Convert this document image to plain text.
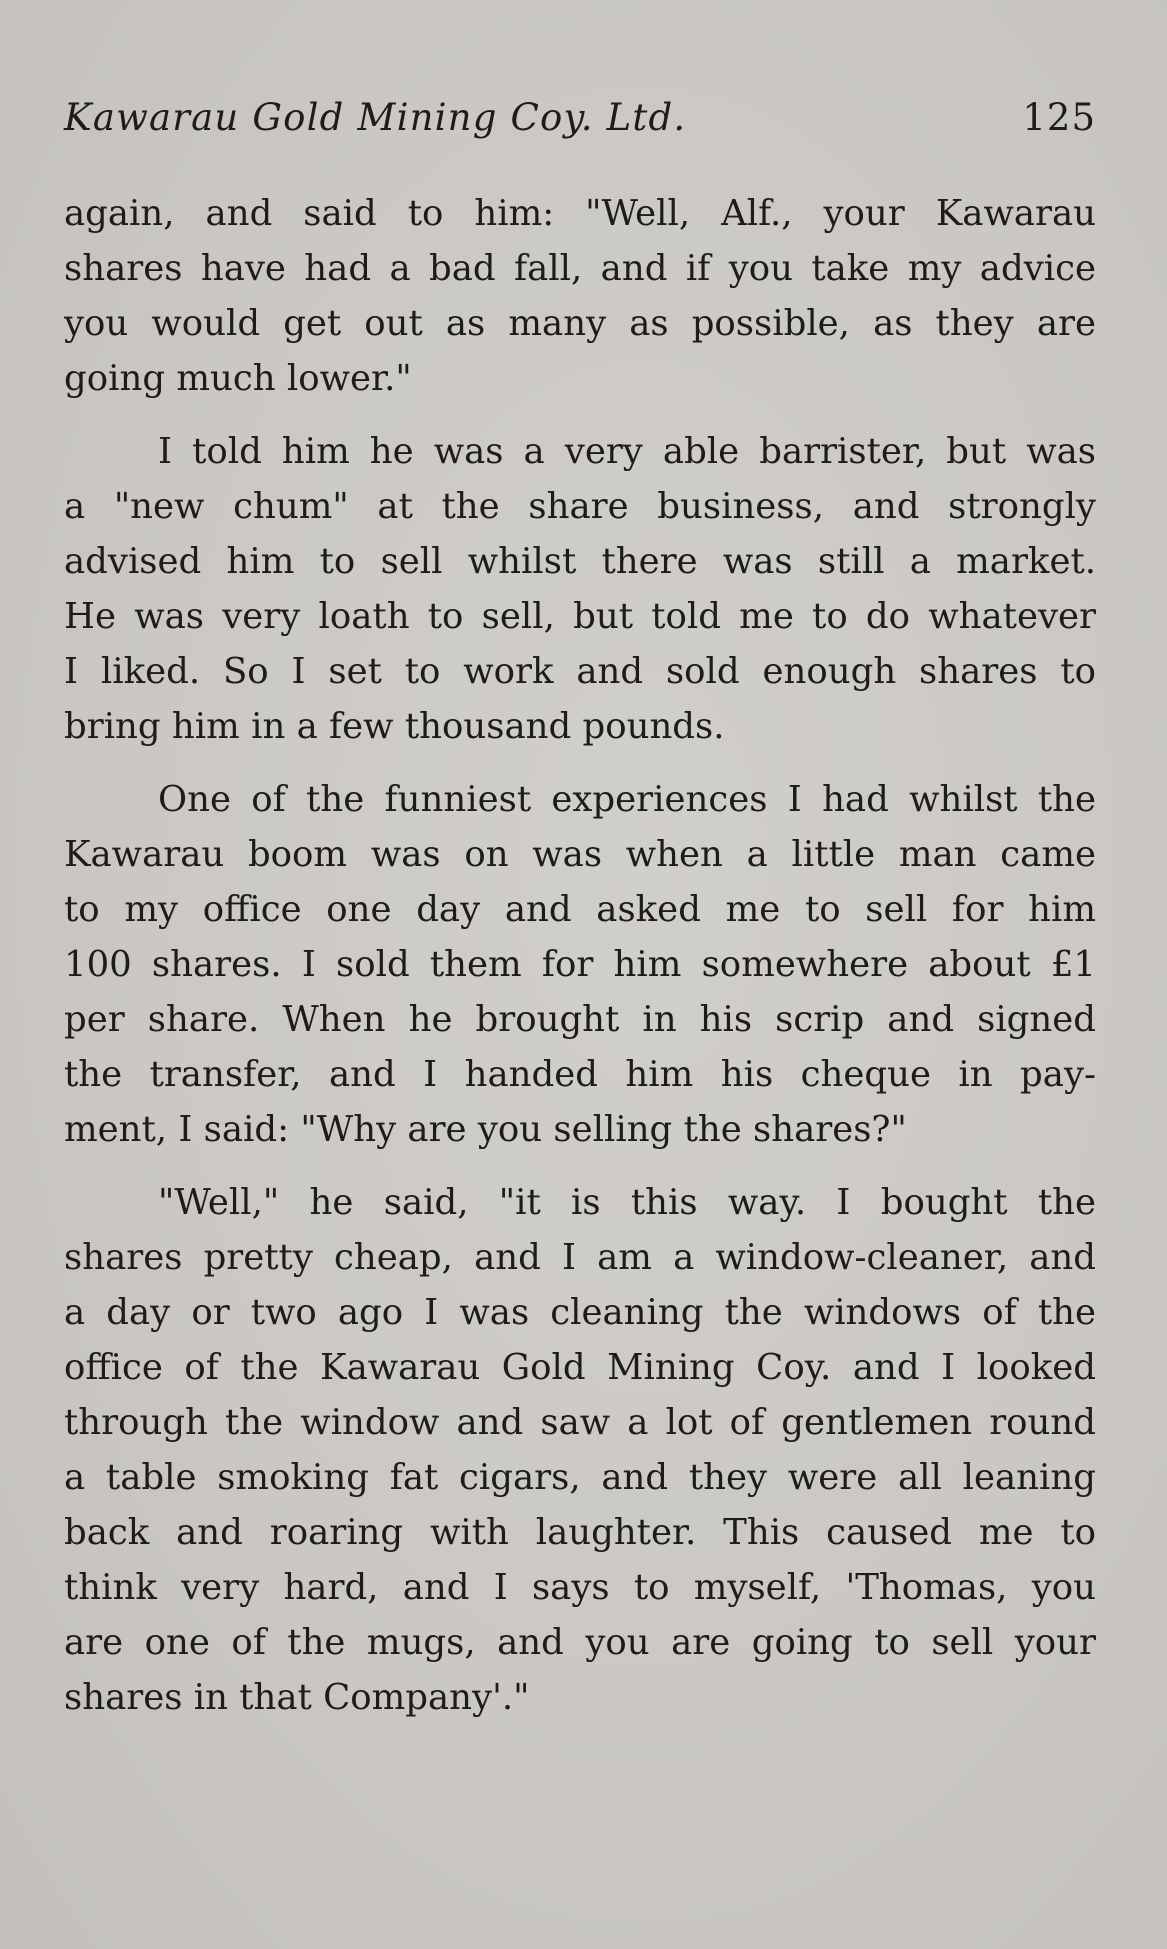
Kawarau Gold Mining Coy. Ltd.	125
again, and said to him: "Well, Alf., your Kawarau
shares have had a bad fall, and if you take my advice
you would get out as many as possible, as they are
going much lower."
I told him he was a very able barrister, but was
a "new chum" at the share business, and strongly
advised him to sell whilst there was still a market.
He was very loath to sell, but told me to do whatever
I liked. So I set to work and sold enough shares to
bring him in a few thousand pounds.
One of the funniest experiences I had whilst the
Kawarau boom was on was when a little man came
to my office one day and asked me to sell for him
100 shares. I sold them for him somewhere about £1
per share. When he brought in his scrip and signed
the transfer, and I handed him his cheque in pay-
ment, I said: "Why are you selling the shares?"
"Well," he said, "it is this way. I bought the
shares pretty cheap, and I am a window-cleaner, and
a day or two ago I was cleaning the windows of the
office of the Kawarau Gold Mining Coy. and I looked
through the window and saw a lot of gentlemen round
a table smoking fat cigars, and they were all leaning
back and roaring with laughter. This caused me to
think very hard, and I says to myself, 'Thomas, you
are one of the mugs, and you are going to sell your
shares in that Company'."
